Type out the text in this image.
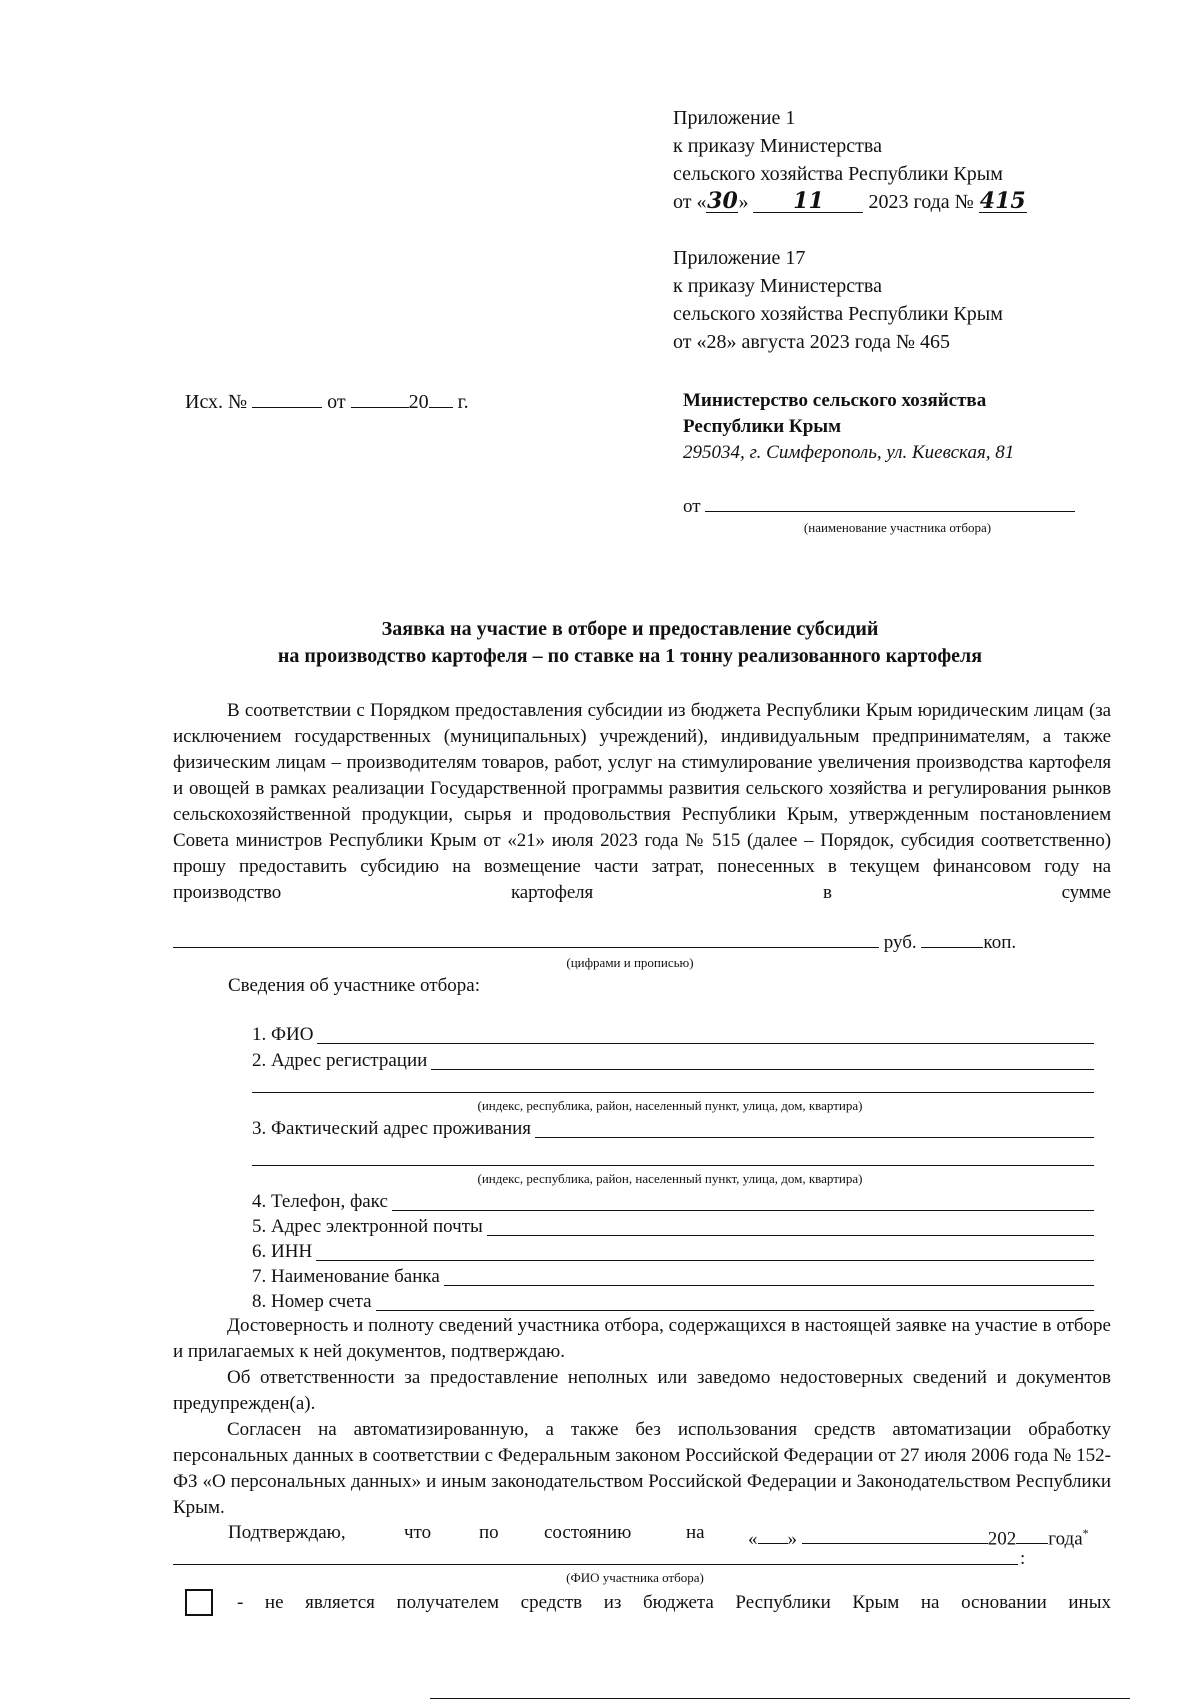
Приложение 1
к приказу Министерства
сельского хозяйства Республики Крым
от «30» 11 2023 года № 415
Приложение 17
к приказу Министерства
сельского хозяйства Республики Крым
от «28» августа 2023 года № 465
Исх. №	от	20 г.	Министерство сельского хозяйства
Республики Крым
295034, г. Симферополь, ул. Киевская, 81
от
(наименование участника отбора)
Заявка на участие в отборе и предоставление субсидий
на производство картофеля – по ставке на 1 тонну реализованного картофеля
В соответствии с Порядком предоставления субсидии из бюджета Республики Крым юридическим лицам (за исключением государственных (муниципальных) учреждений), индивидуальным предпринимателям, а также физическим лицам – производителям товаров, работ, услуг на стимулирование увеличения производства картофеля и овощей в рамках реализации Государственной программы развития сельского хозяйства и регулирования рынков сельскохозяйственной продукции, сырья и продовольствия Республики Крым, утвержденным постановлением Совета министров Республики Крым от «21» июля 2023 года № 515 (далее – Порядок, субсидия соответственно) прошу предоставить субсидию на возмещение части затрат, понесенных в текущем финансовом году на производство картофеля в сумме
руб.	коп.
(цифрами и прописью)
Сведения об участнике отбора:
1. ФИО
2. Адрес регистрации
(индекс, республика, район, населенный пункт, улица, дом, квартира)
3. Фактический адрес проживания
(индекс, республика, район, населенный пункт, улица, дом, квартира)
4. Телефон, факс
5. Адрес электронной почты
6. ИНН
7. Наименование банка
8. Номер счета
Достоверность и полноту сведений участника отбора, содержащихся в настоящей заявке на участие в отборе и прилагаемых к ней документов, подтверждаю.
Об ответственности за предоставление неполных или заведомо недостоверных сведений и документов предупрежден(а).
Согласен на автоматизированную, а также без использования средств автоматизации обработку персональных данных в соответствии с Федеральным законом Российской Федерации от 27 июля 2006 года № 152-ФЗ «О персональных данных» и иным законодательством Российской Федерации и Законодательством Республики Крым.
Подтверждаю,	что	по состоянию	на « »	202 года*
:
(ФИО участника отбора)
- не является получателем средств из бюджета Республики Крым на основании иных
